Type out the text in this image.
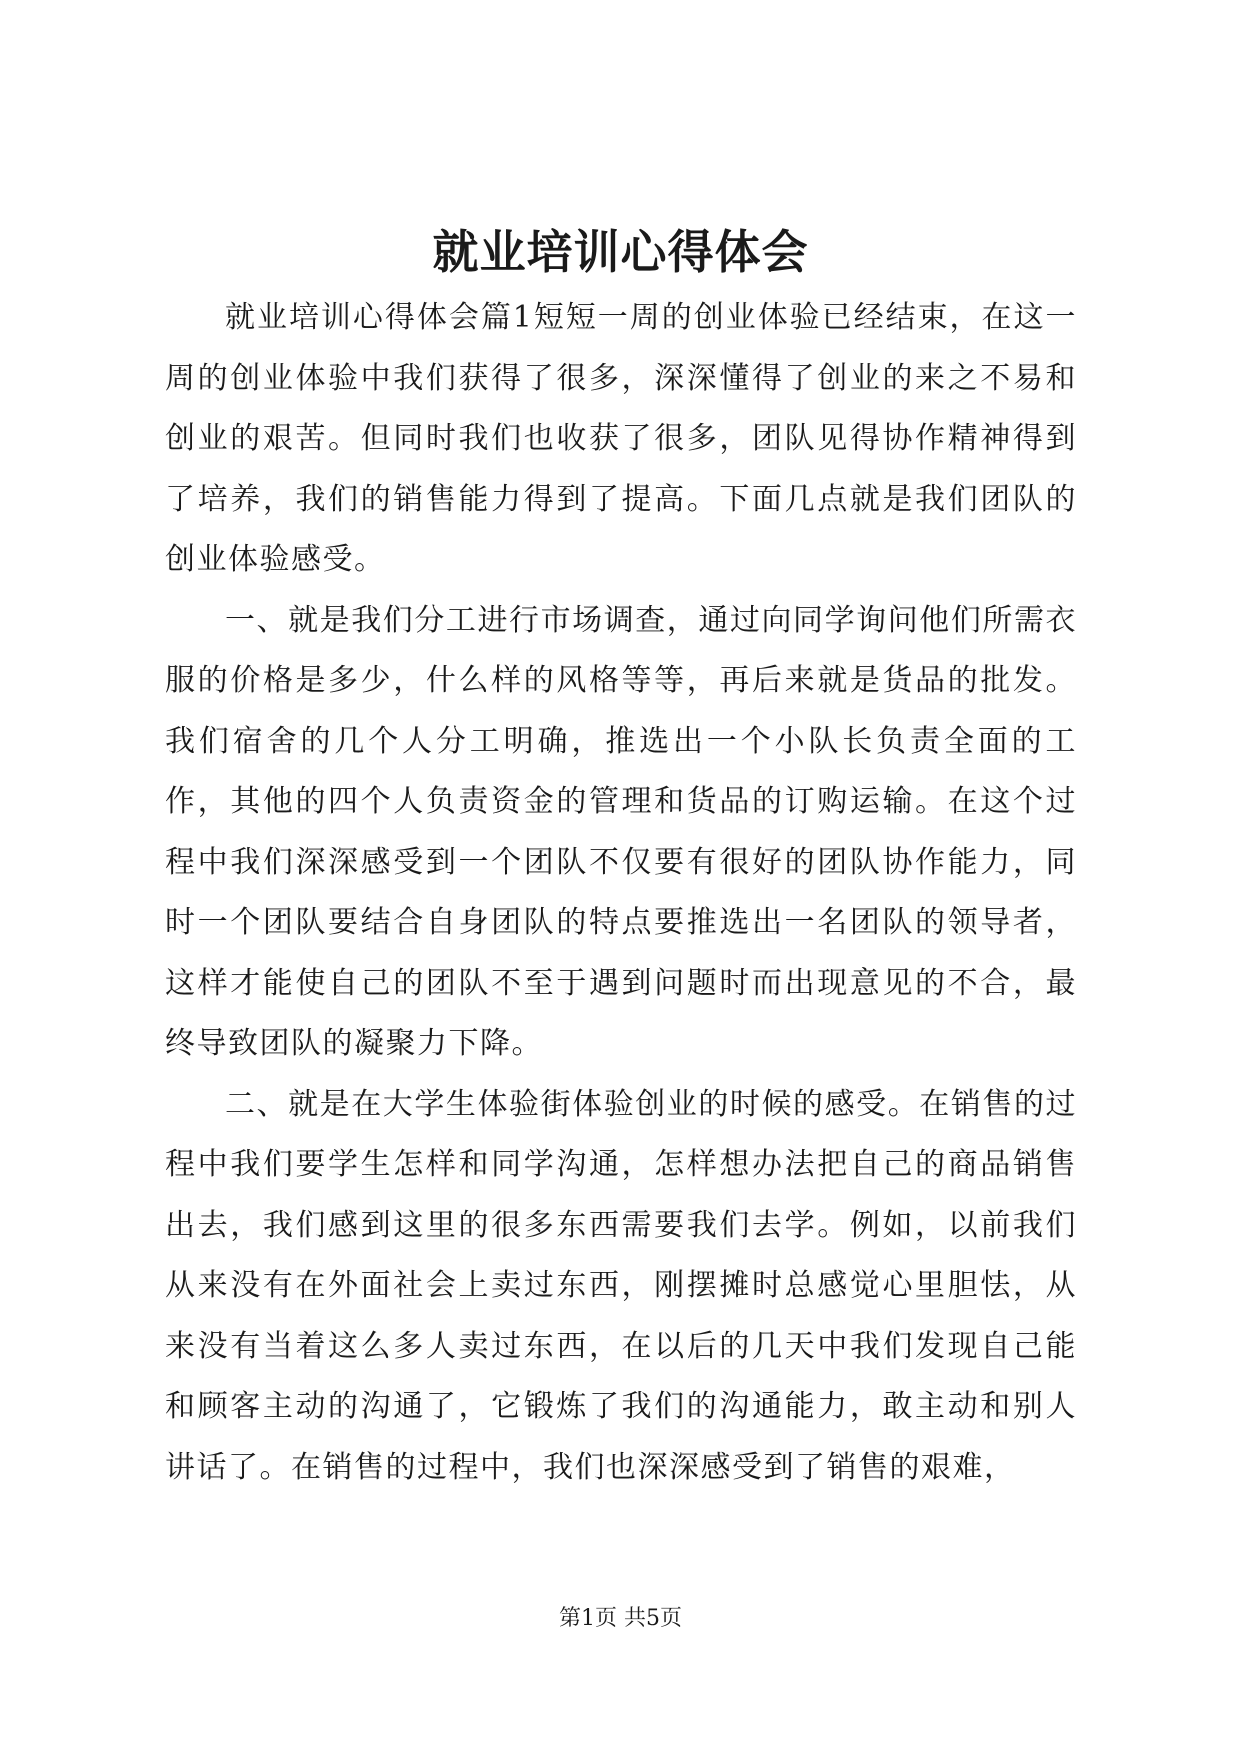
就业培训心得体会

就业培训心得体会篇1短短一周的创业体验已经结束，在这一周的创业体验中我们获得了很多，深深懂得了创业的来之不易和创业的艰苦。但同时我们也收获了很多，团队见得协作精神得到了培养，我们的销售能力得到了提高。下面几点就是我们团队的创业体验感受。

一、就是我们分工进行市场调查，通过向同学询问他们所需衣服的价格是多少，什么样的风格等等，再后来就是货品的批发。我们宿舍的几个人分工明确，推选出一个小队长负责全面的工作，其他的四个人负责资金的管理和货品的订购运输。在这个过程中我们深深感受到一个团队不仅要有很好的团队协作能力，同时一个团队要结合自身团队的特点要推选出一名团队的领导者，这样才能使自己的团队不至于遇到问题时而出现意见的不合，最终导致团队的凝聚力下降。

二、就是在大学生体验街体验创业的时候的感受。在销售的过程中我们要学生怎样和同学沟通，怎样想办法把自己的商品销售出去，我们感到这里的很多东西需要我们去学。例如，以前我们从来没有在外面社会上卖过东西，刚摆摊时总感觉心里胆怯，从来没有当着这么多人卖过东西，在以后的几天中我们发现自己能和顾客主动的沟通了，它锻炼了我们的沟通能力，敢主动和别人讲话了。在销售的过程中，我们也深深感受到了销售的艰难，

第1页 共5页
